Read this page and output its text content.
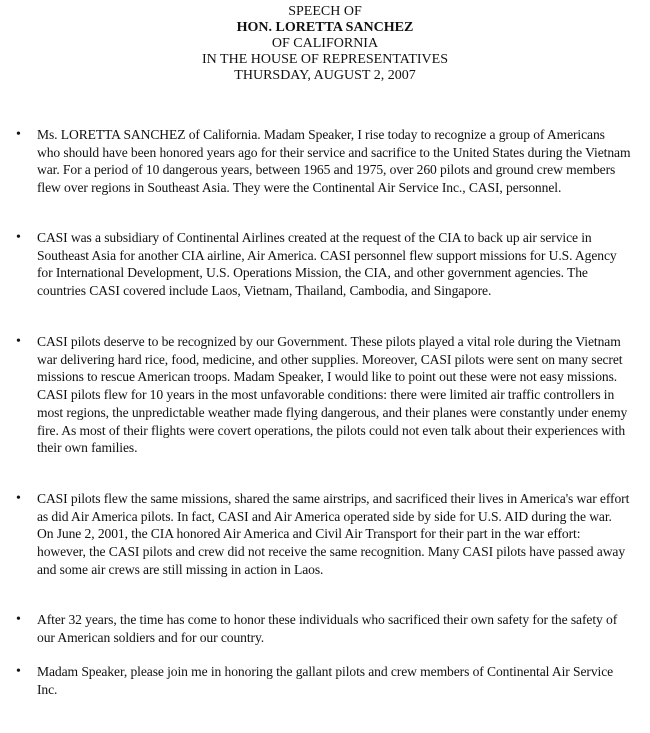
SPEECH OF
HON. LORETTA SANCHEZ
OF CALIFORNIA
IN THE HOUSE OF REPRESENTATIVES
THURSDAY, AUGUST 2, 2007
•	Ms. LORETTA SANCHEZ of California. Madam Speaker, I rise today to recognize a group of Americans who should have been honored years ago for their service and sacrifice to the United States during the Vietnam war. For a period of 10 dangerous years, between 1965 and 1975, over 260 pilots and ground crew members flew over regions in Southeast Asia. They were the Continental Air Service Inc., CASI, personnel.
•	CASI was a subsidiary of Continental Airlines created at the request of the CIA to back up air service in Southeast Asia for another CIA airline, Air America. CASI personnel flew support missions for U.S. Agency for International Development, U.S. Operations Mission, the CIA, and other government agencies. The countries CASI covered include Laos, Vietnam, Thailand, Cambodia, and Singapore.
•	CASI pilots deserve to be recognized by our Government. These pilots played a vital role during the Vietnam war delivering hard rice, food, medicine, and other supplies. Moreover, CASI pilots were sent on many secret missions to rescue American troops. Madam Speaker, I would like to point out these were not easy missions. CASI pilots flew for 10 years in the most unfavorable conditions: there were limited air traffic controllers in most regions, the unpredictable weather made flying dangerous, and their planes were constantly under enemy fire. As most of their flights were covert operations, the pilots could not even talk about their experiences with their own families.
•	CASI pilots flew the same missions, shared the same airstrips, and sacrificed their lives in America's war effort as did Air America pilots. In fact, CASI and Air America operated side by side for U.S. AID during the war. On June 2, 2001, the CIA honored Air America and Civil Air Transport for their part in the war effort: however, the CASI pilots and crew did not receive the same recognition. Many CASI pilots have passed away and some air crews are still missing in action in Laos.
•	After 32 years, the time has come to honor these individuals who sacrificed their own safety for the safety of our American soldiers and for our country.
•	Madam Speaker, please join me in honoring the gallant pilots and crew members of Continental Air Service Inc.
